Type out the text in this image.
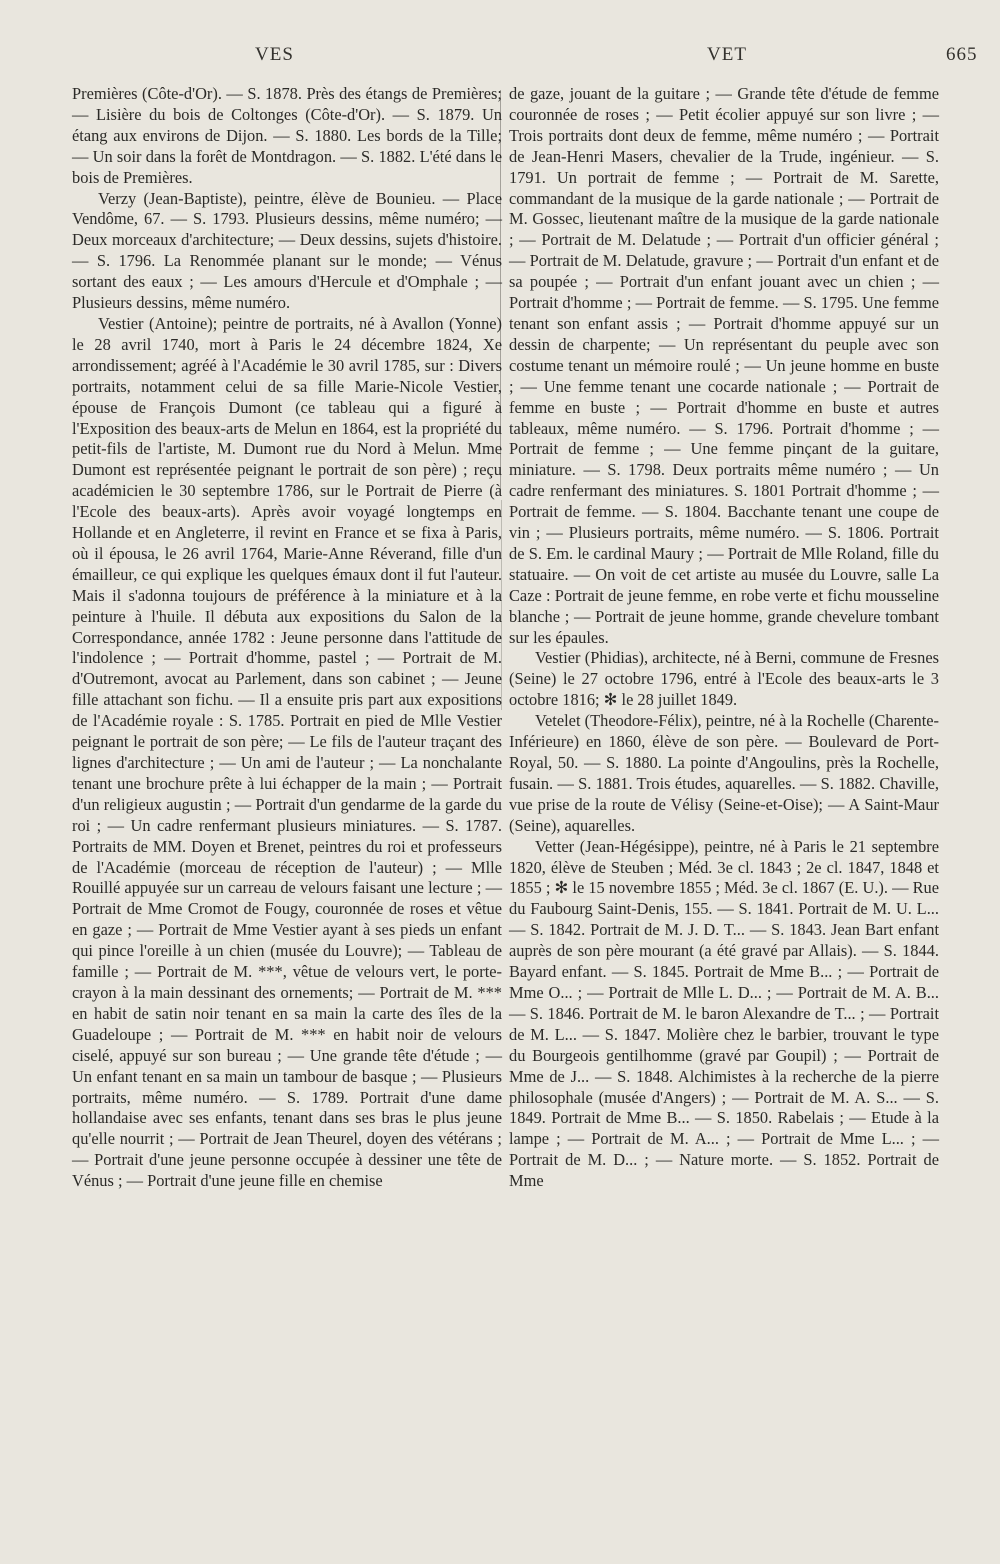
VES	VET	665

Premières (Côte-d'Or). — S. 1878. Près des étangs de Premières; — Lisière du bois de Coltonges (Côte-d'Or). — S. 1879. Un étang aux environs de Dijon. — S. 1880. Les bords de la Tille; — Un soir dans la forêt de Montdragon. — S. 1882. L'été dans le bois de Premières.

Verzy (Jean-Baptiste), peintre, élève de Bounieu. — Place Vendôme, 67. — S. 1793. Plusieurs dessins, même numéro; — Deux morceaux d'architecture; — Deux dessins, sujets d'histoire. — S. 1796. La Renommée planant sur le monde; — Vénus sortant des eaux ; — Les amours d'Hercule et d'Omphale ; — Plusieurs dessins, même numéro.

Vestier (Antoine); peintre de portraits, né à Avallon (Yonne) le 28 avril 1740, mort à Paris le 24 décembre 1824, Xe arrondissement; agréé à l'Académie le 30 avril 1785, sur : Divers portraits, notamment celui de sa fille Marie-Nicole Vestier, épouse de François Dumont (ce tableau qui a figuré à l'Exposition des beaux-arts de Melun en 1864, est la propriété du petit-fils de l'artiste, M. Dumont rue du Nord à Melun. Mme Dumont est représentée peignant le portrait de son père) ; reçu académicien le 30 septembre 1786, sur le Portrait de Pierre (à l'Ecole des beaux-arts). Après avoir voyagé longtemps en Hollande et en Angleterre, il revint en France et se fixa à Paris, où il épousa, le 26 avril 1764, Marie-Anne Réverand, fille d'un émailleur, ce qui explique les quelques émaux dont il fut l'auteur. Mais il s'adonna toujours de préférence à la miniature et à la peinture à l'huile. Il débuta aux expositions du Salon de la Correspondance, année 1782 : Jeune personne dans l'attitude de l'indolence ; — Portrait d'homme, pastel ; — Portrait de M. d'Outremont, avocat au Parlement, dans son cabinet ; — Jeune fille attachant son fichu. — Il a ensuite pris part aux expositions de l'Académie royale : S. 1785. Portrait en pied de Mlle Vestier peignant le portrait de son père; — Le fils de l'auteur traçant des lignes d'architecture ; — Un ami de l'auteur ; — La nonchalante tenant une brochure prête à lui échapper de la main ; — Portrait d'un religieux augustin ; — Portrait d'un gendarme de la garde du roi ; — Un cadre renfermant plusieurs miniatures. — S. 1787. Portraits de MM. Doyen et Brenet, peintres du roi et professeurs de l'Académie (morceau de réception de l'auteur) ; — Mlle Rouillé appuyée sur un carreau de velours faisant une lecture ; — Portrait de Mme Cromot de Fougy, couronnée de roses et vêtue en gaze ; — Portrait de Mme Vestier ayant à ses pieds un enfant qui pince l'oreille à un chien (musée du Louvre); — Tableau de famille ; — Portrait de M. ***, vêtue de velours vert, le porte-crayon à la main dessinant des ornements; — Portrait de M. *** en habit de satin noir tenant en sa main la carte des îles de la Guadeloupe ; — Portrait de M. *** en habit noir de velours ciselé, appuyé sur son bureau ; — Une grande tête d'étude ; — Un enfant tenant en sa main un tambour de basque ; — Plusieurs portraits, même numéro. — S. 1789. Portrait d'une dame hollandaise avec ses enfants, tenant dans ses bras le plus jeune qu'elle nourrit ; — Portrait de Jean Theurel, doyen des vétérans ; — Portrait d'une jeune personne occupée à dessiner une tête de Vénus ; — Portrait d'une jeune fille en chemise

de gaze, jouant de la guitare ; — Grande tête d'étude de femme couronnée de roses ; — Petit écolier appuyé sur son livre ; — Trois portraits dont deux de femme, même numéro ; — Portrait de Jean-Henri Masers, chevalier de la Trude, ingénieur. — S. 1791. Un portrait de femme ; — Portrait de M. Sarette, commandant de la musique de la garde nationale ; — Portrait de M. Gossec, lieutenant maître de la musique de la garde nationale ; — Portrait de M. Delatude ; — Portrait d'un officier général ; — Portrait de M. Delatude, gravure ; — Portrait d'un enfant et de sa poupée ; — Portrait d'un enfant jouant avec un chien ; — Portrait d'homme ; — Portrait de femme. — S. 1795. Une femme tenant son enfant assis ; — Portrait d'homme appuyé sur un dessin de charpente; — Un représentant du peuple avec son costume tenant un mémoire roulé ; — Un jeune homme en buste ; — Une femme tenant une cocarde nationale ; — Portrait de femme en buste ; — Portrait d'homme en buste et autres tableaux, même numéro. — S. 1796. Portrait d'homme ; — Portrait de femme ; — Une femme pinçant de la guitare, miniature. — S. 1798. Deux portraits même numéro ; — Un cadre renfermant des miniatures. S. 1801 Portrait d'homme ; — Portrait de femme. — S. 1804. Bacchante tenant une coupe de vin ; — Plusieurs portraits, même numéro. — S. 1806. Portrait de S. Em. le cardinal Maury ; — Portrait de Mlle Roland, fille du statuaire. — On voit de cet artiste au musée du Louvre, salle La Caze : Portrait de jeune femme, en robe verte et fichu mousseline blanche ; — Portrait de jeune homme, grande chevelure tombant sur les épaules.

Vestier (Phidias), architecte, né à Berni, commune de Fresnes (Seine) le 27 octobre 1796, entré à l'Ecole des beaux-arts le 3 octobre 1816; ✻ le 28 juillet 1849.

Vetelet (Theodore-Félix), peintre, né à la Rochelle (Charente-Inférieure) en 1860, élève de son père. — Boulevard de Port-Royal, 50. — S. 1880. La pointe d'Angoulins, près la Rochelle, fusain. — S. 1881. Trois études, aquarelles. — S. 1882. Chaville, vue prise de la route de Vélisy (Seine-et-Oise); — A Saint-Maur (Seine), aquarelles.

Vetter (Jean-Hégésippe), peintre, né à Paris le 21 septembre 1820, élève de Steuben ; Méd. 3e cl. 1843 ; 2e cl. 1847, 1848 et 1855 ; ✻ le 15 novembre 1855 ; Méd. 3e cl. 1867 (E. U.). — Rue du Faubourg Saint-Denis, 155. — S. 1841. Portrait de M. U. L... — S. 1842. Portrait de M. J. D. T... — S. 1843. Jean Bart enfant auprès de son père mourant (a été gravé par Allais). — S. 1844. Bayard enfant. — S. 1845. Portrait de Mme B... ; — Portrait de Mme O... ; — Portrait de Mlle L. D... ; — Portrait de M. A. B... — S. 1846. Portrait de M. le baron Alexandre de T... ; — Portrait de M. L... — S. 1847. Molière chez le barbier, trouvant le type du Bourgeois gentilhomme (gravé par Goupil) ; — Portrait de Mme de J... — S. 1848. Alchimistes à la recherche de la pierre philosophale (musée d'Angers) ; — Portrait de M. A. S... — S. 1849. Portrait de Mme B... — S. 1850. Rabelais ; — Etude à la lampe ; — Portrait de M. A... ; — Portrait de Mme L... ; — Portrait de M. D... ; — Nature morte. — S. 1852. Portrait de Mme
